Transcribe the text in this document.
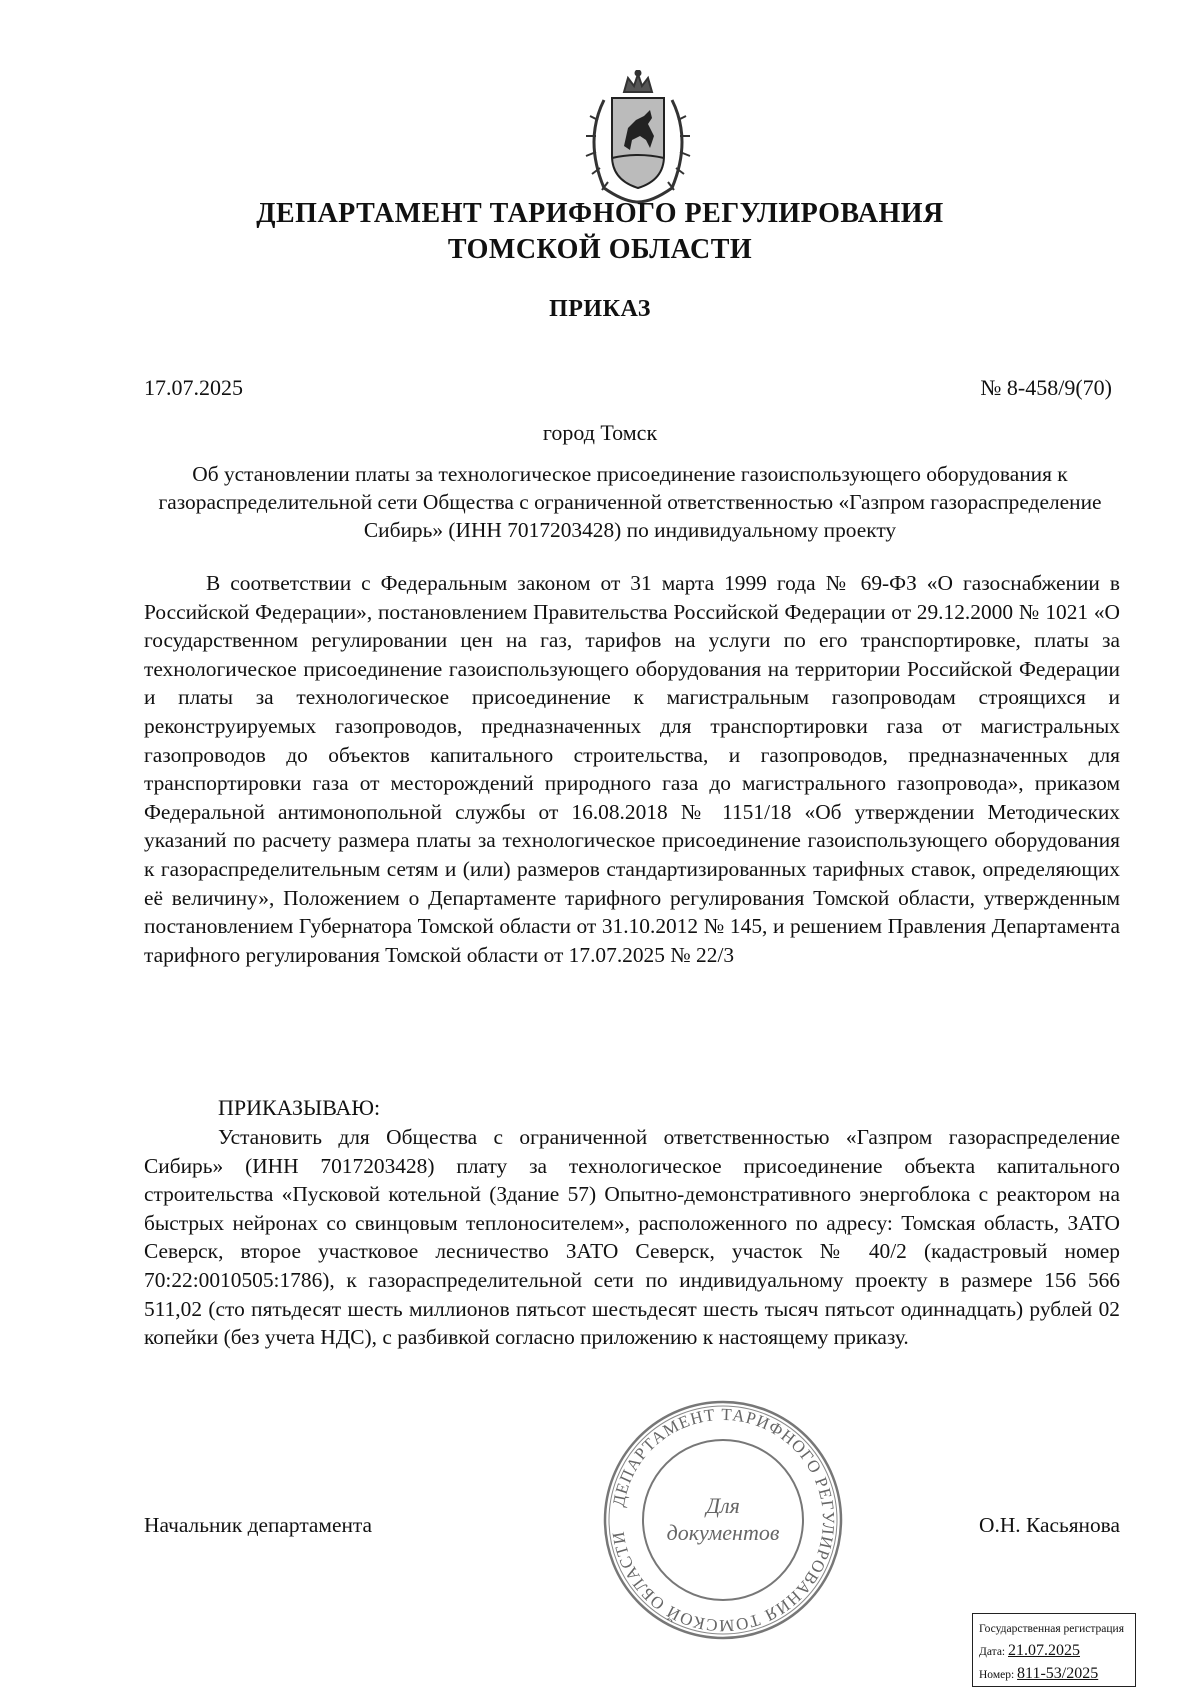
ДЕПАРТАМЕНТ ТАРИФНОГО РЕГУЛИРОВАНИЯ
ТОМСКОЙ ОБЛАСТИ
ПРИКАЗ
17.07.2025	№ 8-458/9(70)
город Томск
Об установлении платы за технологическое присоединение газоиспользующего оборудования к газораспределительной сети Общества с ограниченной ответственностью «Газпром газораспределение Сибирь» (ИНН 7017203428) по индивидуальному проекту
В соответствии с Федеральным законом от 31 марта 1999 года № 69-ФЗ «О газоснабжении в Российской Федерации», постановлением Правительства Российской Федерации от 29.12.2000 № 1021 «О государственном регулировании цен на газ, тарифов на услуги по его транспортировке, платы за технологическое присоединение газоиспользующего оборудования на территории Российской Федерации и платы за технологическое присоединение к магистральным газопроводам строящихся и реконструируемых газопроводов, предназначенных для транспортировки газа от магистральных газопроводов до объектов капитального строительства, и газопроводов, предназначенных для транспортировки газа от месторождений природного газа до магистрального газопровода», приказом Федеральной антимонопольной службы от 16.08.2018 № 1151/18 «Об утверждении Методических указаний по расчету размера платы за технологическое присоединение газоиспользующего оборудования к газораспределительным сетям и (или) размеров стандартизированных тарифных ставок, определяющих её величину», Положением о Департаменте тарифного регулирования Томской области, утвержденным постановлением Губернатора Томской области от 31.10.2012 № 145, и решением Правления Департамента тарифного регулирования Томской области от 17.07.2025 № 22/3
ПРИКАЗЫВАЮ:
Установить для Общества с ограниченной ответственностью «Газпром газораспределение Сибирь» (ИНН 7017203428) плату за технологическое присоединение объекта капитального строительства «Пусковой котельной (Здание 57) Опытно-демонстративного энергоблока с реактором на быстрых нейронах со свинцовым теплоносителем», расположенного по адресу: Томская область, ЗАТО Северск, второе участковое лесничество ЗАТО Северск, участок № 40/2 (кадастровый номер 70:22:0010505:1786), к газораспределительной сети по индивидуальному проекту в размере 156 566 511,02 (сто пятьдесят шесть миллионов пятьсот шестьдесят шесть тысяч пятьсот одиннадцать) рублей 02 копейки (без учета НДС), с разбивкой согласно приложению к настоящему приказу.
Начальник департамента	О.Н. Касьянова
ДЕПАРТАМЕНТ ТАРИФНОГО РЕГУЛИРОВАНИЯ ТОМСКОЙ ОБЛАСТИ
Для
документов
Государственная регистрация
Дата: 21.07.2025
Номер: 811-53/2025
